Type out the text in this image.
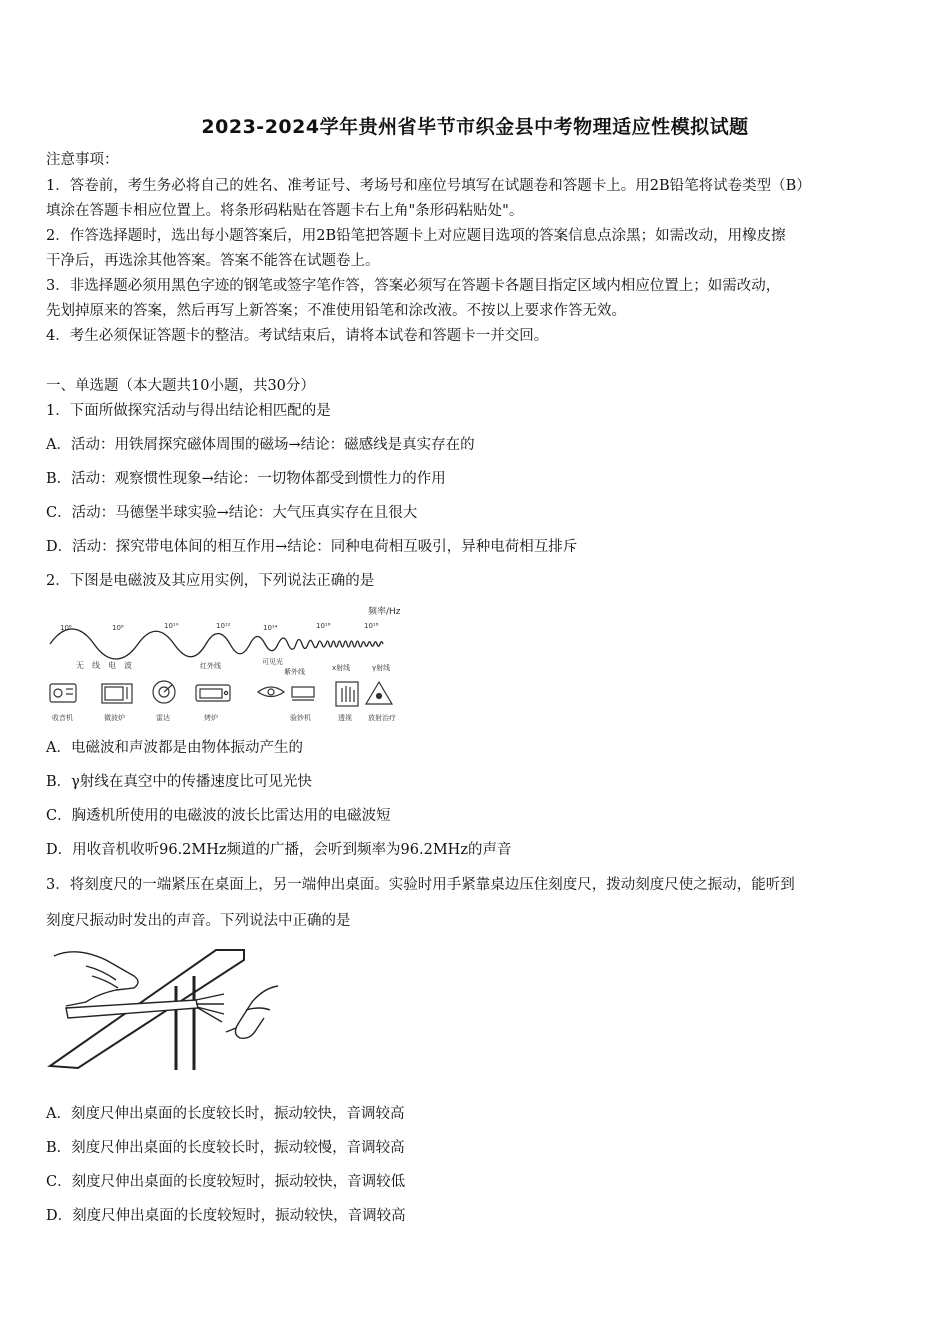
2023-2024学年贵州省毕节市织金县中考物理适应性模拟试题
注意事项：
1．答卷前，考生务必将自己的姓名、准考证号、考场号和座位号填写在试题卷和答题卡上。用2B铅笔将试卷类型（B）
填涂在答题卡相应位置上。将条形码粘贴在答题卡右上角"条形码粘贴处"。
2．作答选择题时，选出每小题答案后，用2B铅笔把答题卡上对应题目选项的答案信息点涂黑；如需改动，用橡皮擦
干净后，再选涂其他答案。答案不能答在试题卷上。
3．非选择题必须用黑色字迹的钢笔或签字笔作答，答案必须写在答题卡各题目指定区域内相应位置上；如需改动，
先划掉原来的答案，然后再写上新答案；不准使用铅笔和涂改液。不按以上要求作答无效。
4．考生必须保证答题卡的整洁。考试结束后，请将本试卷和答题卡一并交回。
一、单选题（本大题共10小题，共30分）
1．下面所做探究活动与得出结论相匹配的是
A．活动：用铁屑探究磁体周围的磁场→结论：磁感线是真实存在的
B．活动：观察惯性现象→结论：一切物体都受到惯性力的作用
C．活动：马德堡半球实验→结论：大气压真实存在且很大
D．活动：探究带电体间的相互作用→结论：同种电荷相互吸引，异种电荷相互排斥
2．下图是电磁波及其应用实例，下列说法正确的是
频率/Hz
10⁶	10⁸	10¹⁰	10¹²	10¹⁴	10¹⁶	10¹⁸
无　线　电　波	红外线	可见光
紫外线	x射线	γ射线
收音机	微波炉	雷达	烤炉	验钞机	透视 放射治疗
A．电磁波和声波都是由物体振动产生的
B．γ射线在真空中的传播速度比可见光快
C．胸透机所使用的电磁波的波长比雷达用的电磁波短
D．用收音机收听96.2MHz频道的广播，会听到频率为96.2MHz的声音
3．将刻度尺的一端紧压在桌面上，另一端伸出桌面。实验时用手紧靠桌边压住刻度尺，拨动刻度尺使之振动，能听到
刻度尺振动时发出的声音。下列说法中正确的是
A．刻度尺伸出桌面的长度较长时，振动较快，音调较高
B．刻度尺伸出桌面的长度较长时，振动较慢，音调较高
C．刻度尺伸出桌面的长度较短时，振动较快，音调较低
D．刻度尺伸出桌面的长度较短时，振动较快，音调较高
